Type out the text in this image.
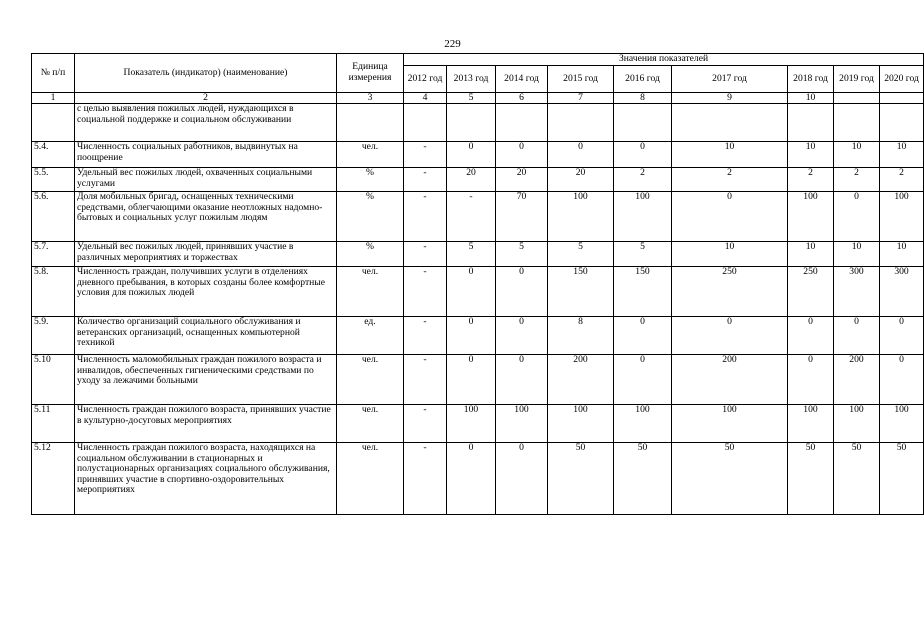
229
№ п/п	Показатель (индикатор) (наименование)	Единица измерения	Значения показателей								
			2012 год	2013 год	2014 год	2015 год	2016 год	2017 год	2018 год	2019 год	2020 год
1	2	3	4	5	6	7	8	9	10		
	с целью выявления пожилых людей, нуждающихся в социальной поддержке и социальном обслуживании										
5.4.	Численность социальных работников, выдвинутых на поощрение	чел.	-	0	0	0	0	10	10	10	10
5.5.	Удельный вес пожилых людей, охваченных социальными услугами	%	-	20	20	20	2	2	2	2	2
5.6.	Доля мобильных бригад, оснащенных техническими средствами, облегчающими оказание неотложных надомно-бытовых и социальных услуг пожилым людям	%	-	-	70	100	100	0	100	0	100
5.7.	Удельный вес пожилых людей, принявших участие в различных мероприятиях и торжествах	%	-	5	5	5	5	10	10	10	10
5.8.	Численность граждан, получивших услуги в отделениях дневного пребывания, в которых созданы более комфортные условия для пожилых людей	чел.	-	0	0	150	150	250	250	300	300
5.9.	Количество организаций социального обслуживания и ветеранских организаций, оснащенных компьютерной техникой	ед.	-	0	0	8	0	0	0	0	0
5.10	Численность маломобильных граждан пожилого возраста и инвалидов, обеспеченных гигиеническими средствами по уходу за лежачими больными	чел.	-	0	0	200	0	200	0	200	0
5.11	Численность граждан пожилого возраста, принявших участие в культурно-досуговых мероприятиях	чел.	-	100	100	100	100	100	100	100	100
5.12	Численность граждан пожилого возраста, находящихся на социальном обслуживании в стационарных и полустационарных организациях социального обслуживания, принявших участие в спортивно-оздоровительных мероприятиях	чел.	-	0	0	50	50	50	50	50	50
